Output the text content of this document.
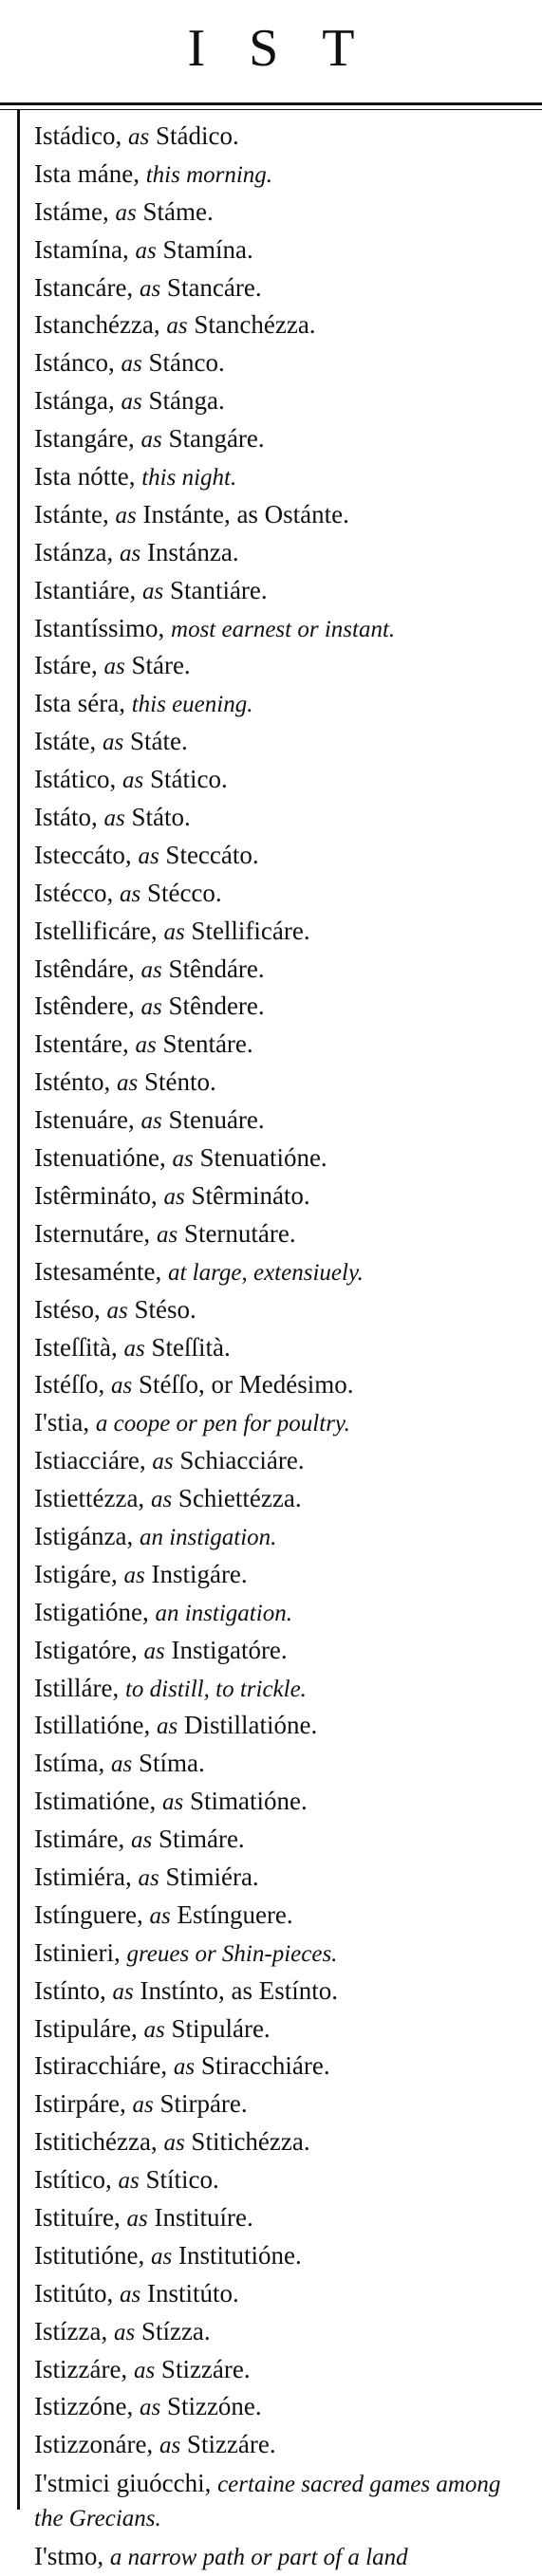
IST
Istádico, as Stádico.
Ista máne, this morning.
Istáme, as Stáme.
Istamína, as Stamína.
Istancáre, as Stancáre.
Istanchézza, as Stanchézza.
Istánco, as Stánco.
Istánga, as Stánga.
Istangáre, as Stangáre.
Ista nótte, this night.
Istánte, as Instánte, as Ostánte.
Istánza, as Instánza.
Istantiáre, as Stantiáre.
Istantíssimo, most earnest or instant.
Istáre, as Stáre.
Ista séra, this euening.
Istáte, as Státe.
Istático, as Stático.
Istáto, as Státo.
Isteccáto, as Steccáto.
Istécco, as Stécco.
Istellificáre, as Stellificáre.
Istêndáre, as Stêndáre.
Istêndere, as Stêndere.
Istentáre, as Stentáre.
Isténto, as Sténto.
Istenuáre, as Stenuáre.
Istenuatióne, as Stenuatióne.
Istêrmináto, as Stêrmináto.
Isternutáre, as Sternutáre.
Istesaménte, at large, extensiuely.
Istéso, as Stéso.
Isteſſità, as Steſſità.
Istéſſo, as Stéſſo, or Medésimo.
I'stia, a coope or pen for poultry.
Istiacciáre, as Schiacciáre.
Istiettézza, as Schiettézza.
Istigánza, an instigation.
Istigáre, as Instigáre.
Istigatióne, an instigation.
Istigatóre, as Instigatóre.
Istilláre, to distill, to trickle.
Istillatióne, as Distillatióne.
Istíma, as Stíma.
Istimatióne, as Stimatióne.
Istimáre, as Stimáre.
Istimiéra, as Stimiéra.
Istínguere, as Estínguere.
Istinieri, greues or Shin-pieces.
Istínto, as Instínto, as Estínto.
Istipuláre, as Stipuláre.
Istiracchiáre, as Stiracchiáre.
Istirpáre, as Stirpáre.
Istitichézza, as Stitichézza.
Istítico, as Stítico.
Istituíre, as Instituíre.
Istitutióne, as Institutióne.
Istitúto, as Institúto.
Istízza, as Stízza.
Istizzáre, as Stizzáre.
Istizzóne, as Stizzóne.
Istizzonáre, as Stizzáre.
I'stmici giuócchi, certaine sacred games among the Grecians.
I'stmo, a narrow path or part of a land
